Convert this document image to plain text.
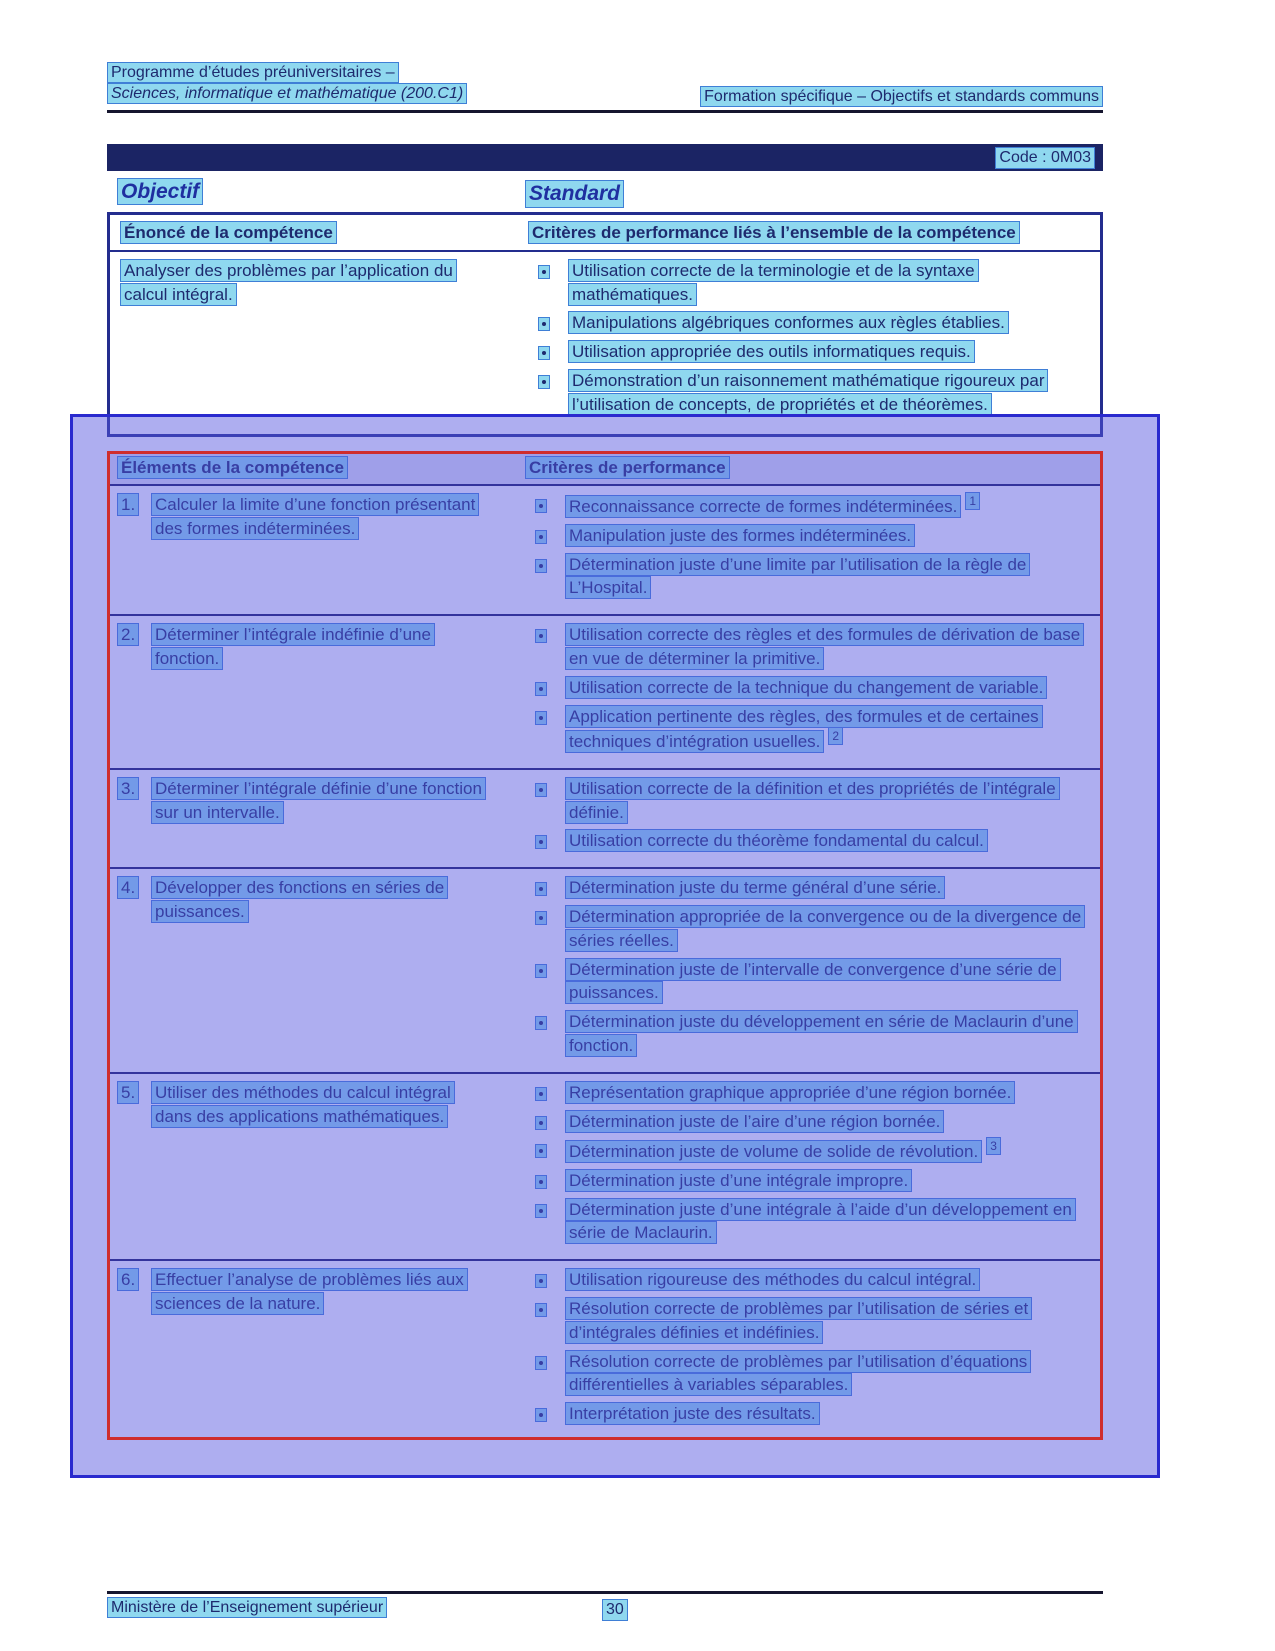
Programme d’études préuniversitaires –
Sciences, informatique et mathématique (200.C1)	Formation spécifique – Objectifs et standards communs
Code : 0M03
Objectif	Standard
Énoncé de la compétence	Critères de performance liés à l’ensemble de la compétence
Analyser des problèmes par l’application du calcul intégral.
Utilisation correcte de la terminologie et de la syntaxe mathématiques.
Manipulations algébriques conformes aux règles établies.
Utilisation appropriée des outils informatiques requis.
Démonstration d’un raisonnement mathématique rigoureux par l’utilisation de concepts, de propriétés et de théorèmes.
Éléments de la compétence	Critères de performance
1.	Calculer la limite d’une fonction présentant des formes indéterminées.
Reconnaissance correcte de formes indéterminées. $^1$
Manipulation juste des formes indéterminées.
Détermination juste d’une limite par l’utilisation de la règle de L’Hospital.
2.	Déterminer l’intégrale indéfinie d’une fonction.
Utilisation correcte des règles et des formules de dérivation de base en vue de déterminer la primitive.
Utilisation correcte de la technique du changement de variable.
Application pertinente des règles, des formules et de certaines techniques d’intégration usuelles. $^2$
3.	Déterminer l’intégrale définie d’une fonction sur un intervalle.
Utilisation correcte de la définition et des propriétés de l’intégrale définie.
Utilisation correcte du théorème fondamental du calcul.
4.	Développer des fonctions en séries de puissances.
Détermination juste du terme général d’une série.
Détermination appropriée de la convergence ou de la divergence de séries réelles.
Détermination juste de l’intervalle de convergence d’une série de puissances.
Détermination juste du développement en série de Maclaurin d’une fonction.
5.	Utiliser des méthodes du calcul intégral dans des applications mathématiques.
Représentation graphique appropriée d’une région bornée.
Détermination juste de l’aire d’une région bornée.
Détermination juste de volume de solide de révolution. $^3$
Détermination juste d’une intégrale impropre.
Détermination juste d’une intégrale à l’aide d’un développement en série de Maclaurin.
6.	Effectuer l’analyse de problèmes liés aux sciences de la nature.
Utilisation rigoureuse des méthodes du calcul intégral.
Résolution correcte de problèmes par l’utilisation de séries et d’intégrales définies et indéfinies.
Résolution correcte de problèmes par l’utilisation d’équations différentielles à variables séparables.
Interprétation juste des résultats.
Ministère de l’Enseignement supérieur	30
